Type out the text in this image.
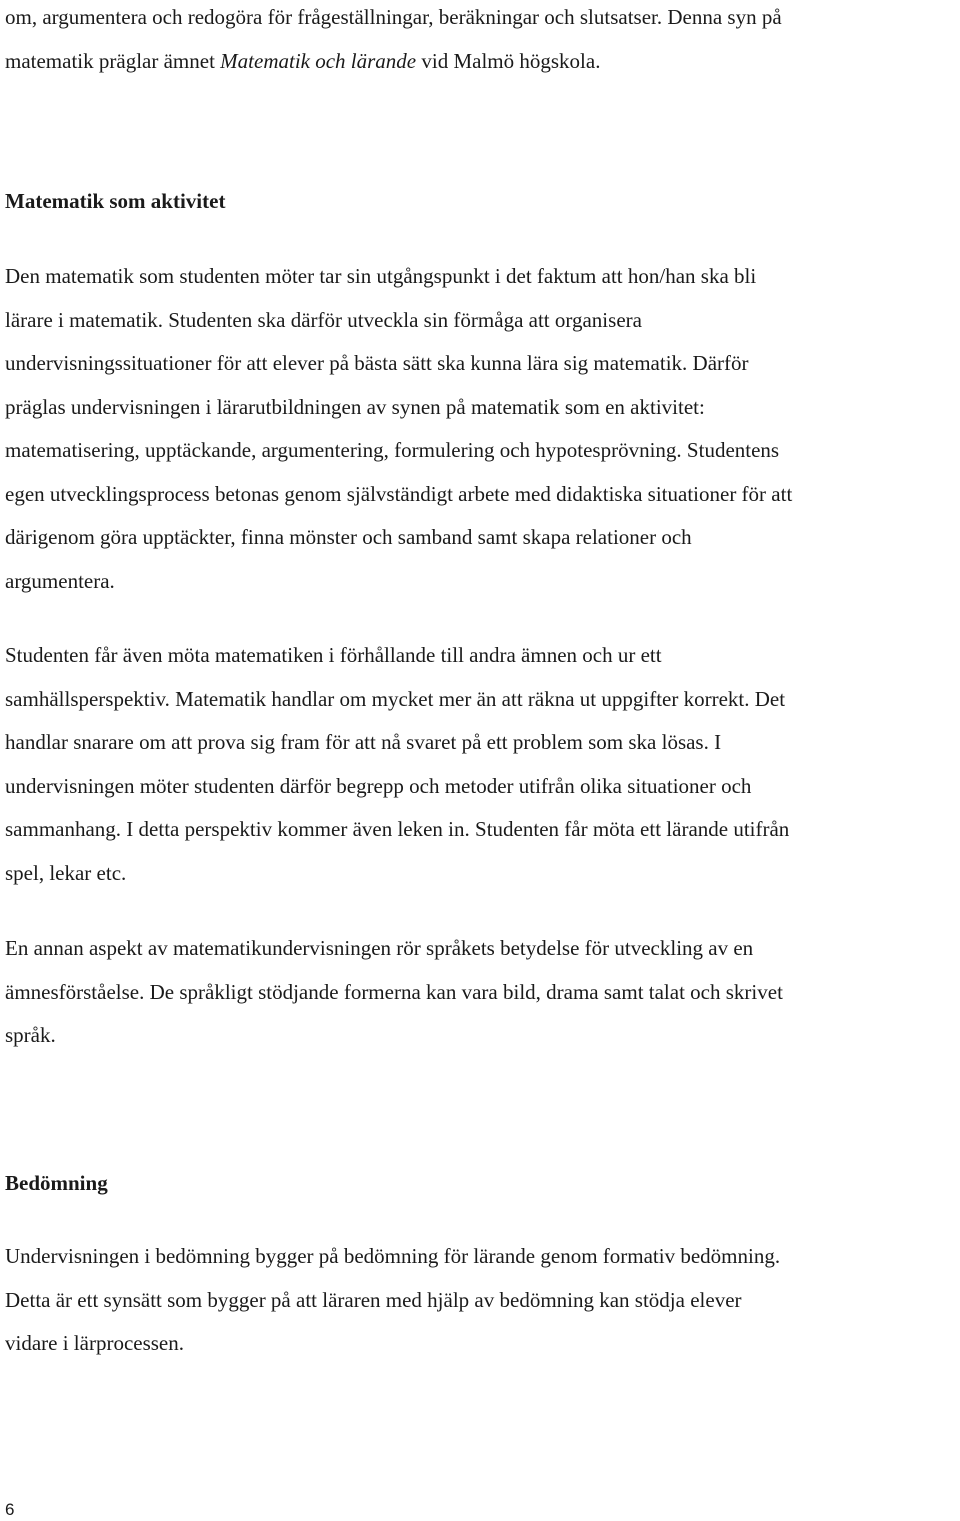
om, argumentera och redogöra för frågeställningar, beräkningar och slutsatser. Denna syn på
matematik präglar ämnet Matematik och lärande vid Malmö högskola.

Matematik som aktivitet

Den matematik som studenten möter tar sin utgångspunkt i det faktum att hon/han ska bli
lärare i matematik. Studenten ska därför utveckla sin förmåga att organisera
undervisningssituationer för att elever på bästa sätt ska kunna lära sig matematik. Därför
präglas undervisningen i lärarutbildningen av synen på matematik som en aktivitet:
matematisering, upptäckande, argumentering, formulering och hypotesprövning. Studentens
egen utvecklingsprocess betonas genom självständigt arbete med didaktiska situationer för att
därigenom göra upptäckter, finna mönster och samband samt skapa relationer och
argumentera.

Studenten får även möta matematiken i förhållande till andra ämnen och ur ett
samhällsperspektiv. Matematik handlar om mycket mer än att räkna ut uppgifter korrekt. Det
handlar snarare om att prova sig fram för att nå svaret på ett problem som ska lösas. I
undervisningen möter studenten därför begrepp och metoder utifrån olika situationer och
sammanhang. I detta perspektiv kommer även leken in. Studenten får möta ett lärande utifrån
spel, lekar etc.

En annan aspekt av matematikundervisningen rör språkets betydelse för utveckling av en
ämnesförståelse. De språkligt stödjande formerna kan vara bild, drama samt talat och skrivet
språk.

Bedömning

Undervisningen i bedömning bygger på bedömning för lärande genom formativ bedömning.
Detta är ett synsätt som bygger på att läraren med hjälp av bedömning kan stödja elever
vidare i lärprocessen.

6
